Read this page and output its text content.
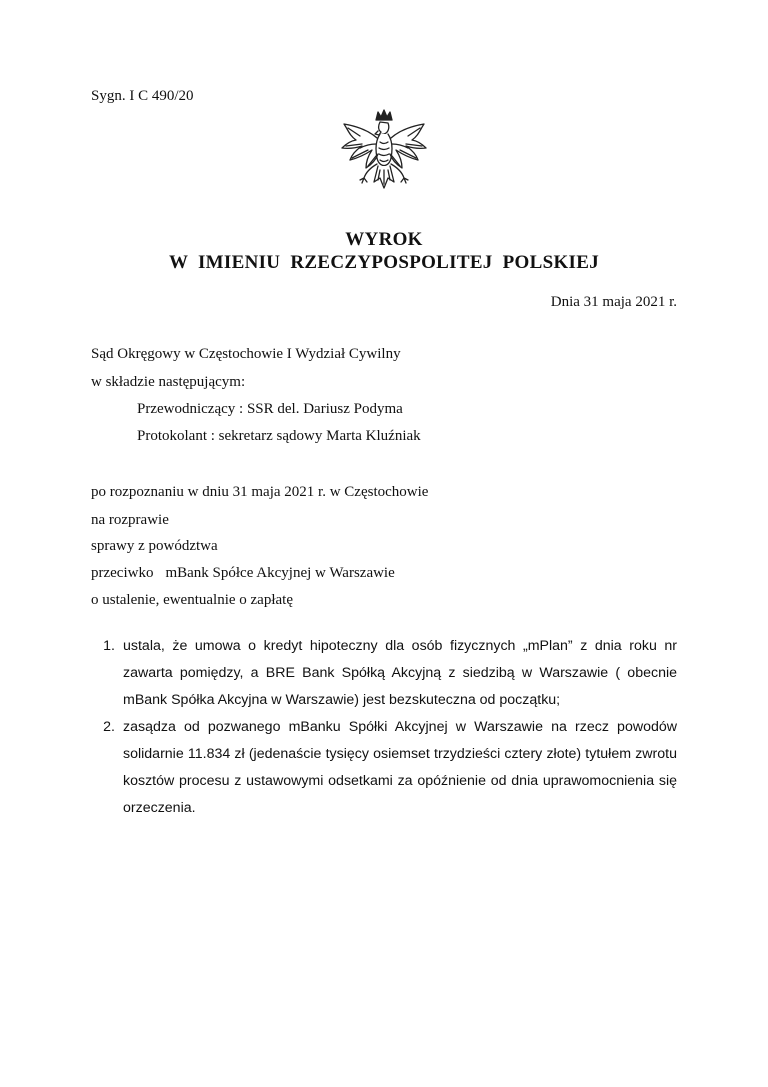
Sygn. I C 490/20
WYROK
W IMIENIU RZECZYPOSPOLITEJ POLSKIEJ
Dnia 31 maja 2021 r.
Sąd Okręgowy w Częstochowie I Wydział Cywilny
w składzie następującym:
Przewodniczący : SSR del. Dariusz Podyma
Protokolant : sekretarz sądowy Marta Kluźniak
po rozpoznaniu w dniu 31 maja 2021 r. w Częstochowie
na rozprawie
sprawy z powództwa
przeciwko mBank Spółce Akcyjnej w Warszawie
o ustalenie, ewentualnie o zapłatę
1. ustala, że umowa o kredyt hipoteczny dla osób fizycznych „mPlan” z dnia roku nr zawarta pomiędzy, a BRE Bank Spółką Akcyjną z siedzibą w Warszawie ( obecnie mBank Spółka Akcyjna w Warszawie) jest bezskuteczna od początku;
2. zasądza od pozwanego mBanku Spółki Akcyjnej w Warszawie na rzecz powodów solidarnie 11.834 zł (jedenaście tysięcy osiemset trzydzieści cztery złote) tytułem zwrotu kosztów procesu z ustawowymi odsetkami za opóźnienie od dnia uprawomocnienia się orzeczenia.
